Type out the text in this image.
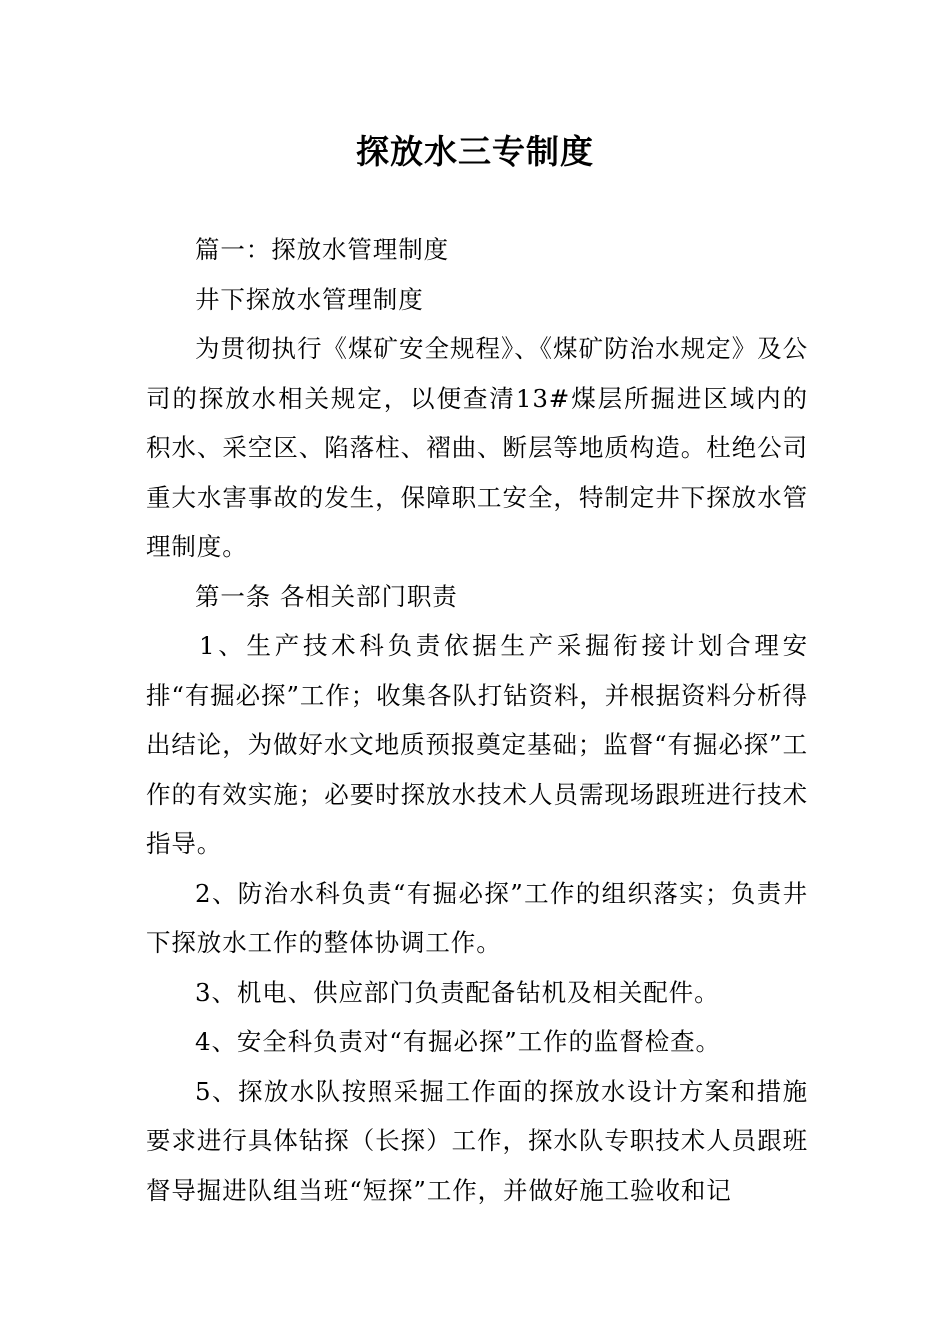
探放水三专制度

篇一：探放水管理制度

井下探放水管理制度

为贯彻执行《煤矿安全规程》、《煤矿防治水规定》及公司的探放水相关规定，以便查清13#煤层所掘进区域内的积水、采空区、陷落柱、褶曲、断层等地质构造。杜绝公司重大水害事故的发生，保障职工安全，特制定井下探放水管理制度。

第一条 各相关部门职责

1、生产技术科负责依据生产采掘衔接计划合理安排“有掘必探”工作；收集各队打钻资料，并根据资料分析得出结论，为做好水文地质预报奠定基础；监督“有掘必探”工作的有效实施；必要时探放水技术人员需现场跟班进行技术指导。

2、防治水科负责“有掘必探”工作的组织落实；负责井下探放水工作的整体协调工作。

3、机电、供应部门负责配备钻机及相关配件。

4、安全科负责对“有掘必探”工作的监督检查。

5、探放水队按照采掘工作面的探放水设计方案和措施要求进行具体钻探（长探）工作，探水队专职技术人员跟班督导掘进队组当班“短探”工作，并做好施工验收和记
